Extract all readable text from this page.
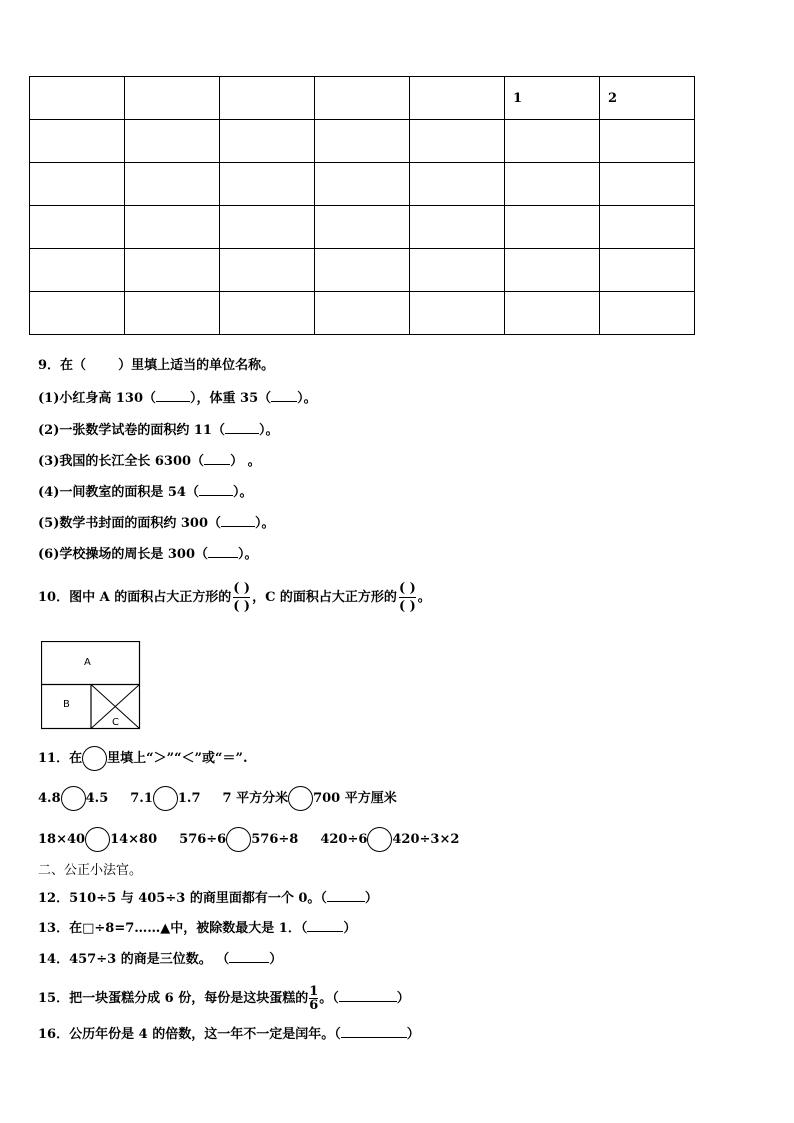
					1	2

9．在（ ）里填上适当的单位名称。
(1)小红身高 130（	），体重 35（ ）。
(2)一张数学试卷的面积约 11（	）。
(3)我国的长江全长 6300（ ） 。
(4)一间教室的面积是 54（	）。
(5)数学书封面的面积约 300（	）。
(6)学校操场的周长是 300（ ）。
10．图中 A 的面积占大正方形的 $\frac{( )}{( )}$ ，C 的面积占大正方形的 $\frac{( )}{( )}$ 。
A
B
C
11．在 里填上“＞”“＜”或“＝”.
4.8 4.5 7.1 1.7 7 平方分米 700 平方厘米
18×40 14×80 576÷6 576÷8 420÷6 420÷3×2
二、公正小法官。
12．510÷5 与 405÷3 的商里面都有一个 0。（	）
13．在□÷8=7……▲中，被除数最大是 1．（	）
14．457÷3 的商是三位数。 （	）
15．把一块蛋糕分成 6 份，每份是这块蛋糕的 $\frac{1}{6}$ 。（	）
16．公历年份是 4 的倍数，这一年不一定是闰年。（	）
